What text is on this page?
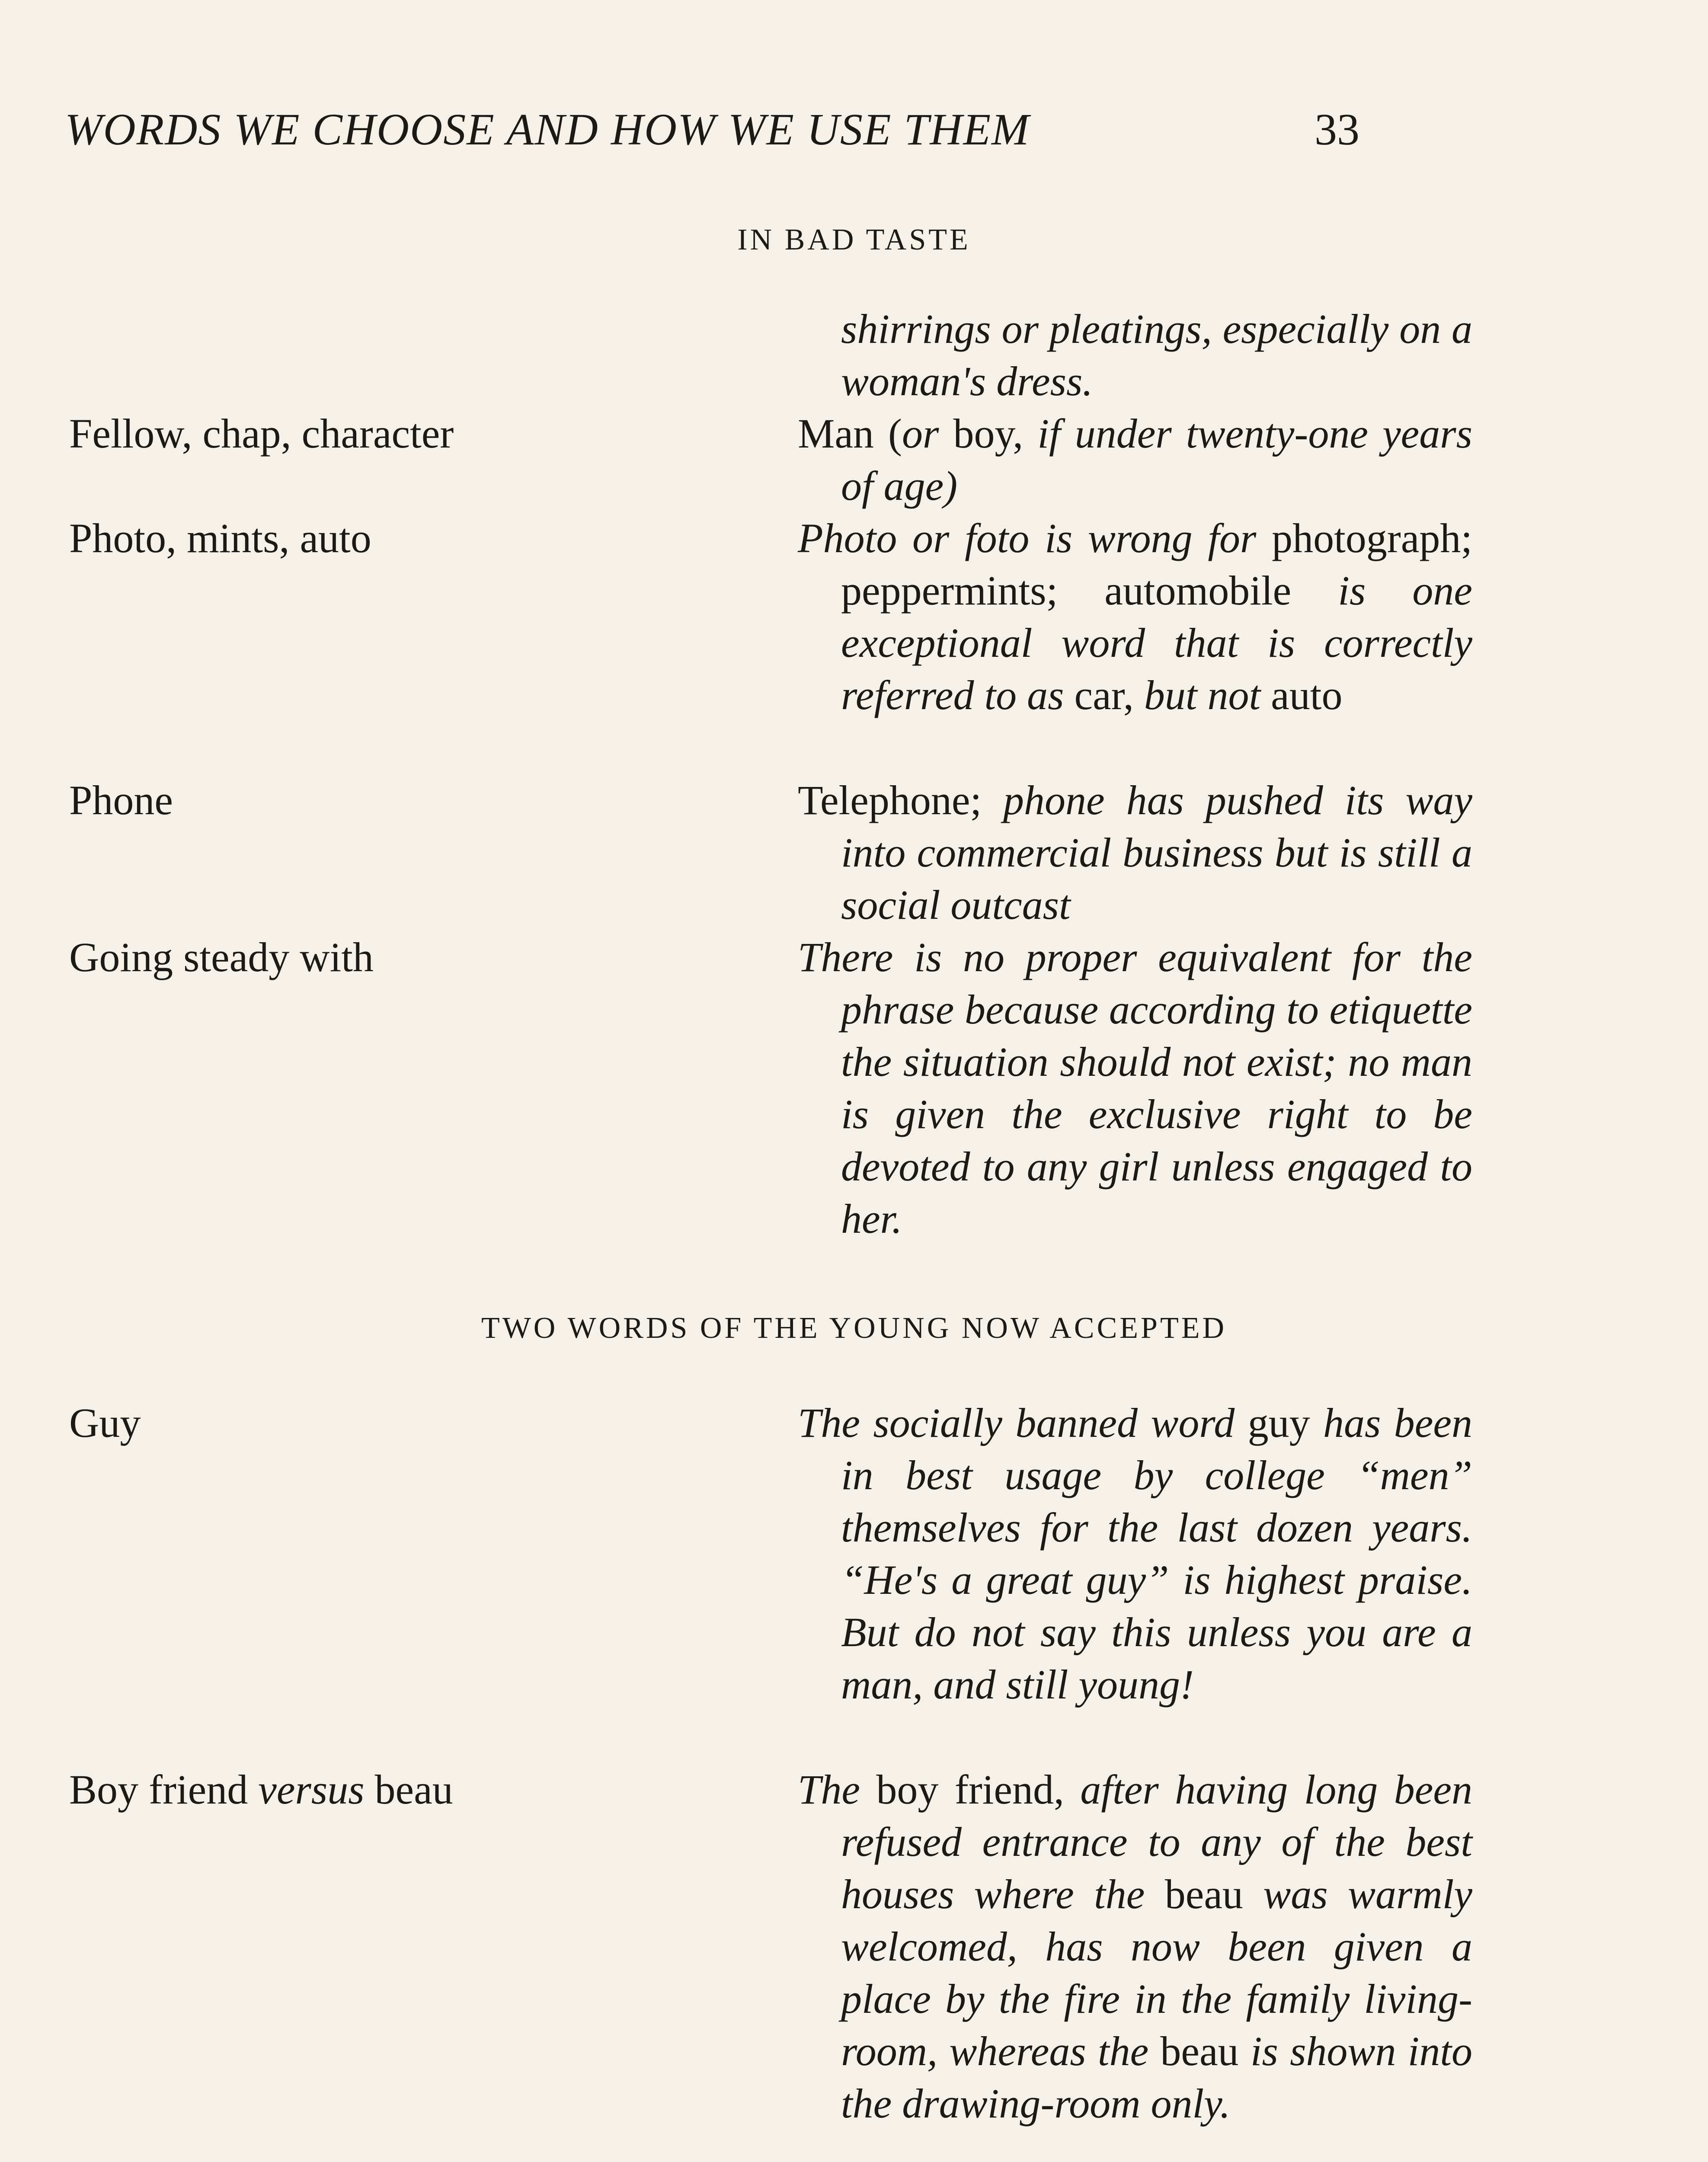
WORDS WE CHOOSE AND HOW WE USE THEM	33
IN BAD TASTE
shirrings or pleatings, especially on a woman's dress.
Fellow, chap, character	Man (or boy, if under twenty-one years of age)
Photo, mints, auto	Photo or foto is wrong for photograph; peppermints; automobile is one exceptional word that is correctly referred to as car, but not auto
Phone	Telephone; phone has pushed its way into commercial business but is still a social outcast
Going steady with	There is no proper equivalent for the phrase because according to etiquette the situation should not exist; no man is given the exclusive right to be devoted to any girl unless engaged to her.
TWO WORDS OF THE YOUNG NOW ACCEPTED
Guy	The socially banned word guy has been in best usage by college “men” themselves for the last dozen years. “He's a great guy” is highest praise. But do not say this unless you are a man, and still young!
Boy friend versus beau	The boy friend, after having long been refused entrance to any of the best houses where the beau was warmly welcomed, has now been given a place by the fire in the family living-room, whereas the beau is shown into the drawing-room only.
